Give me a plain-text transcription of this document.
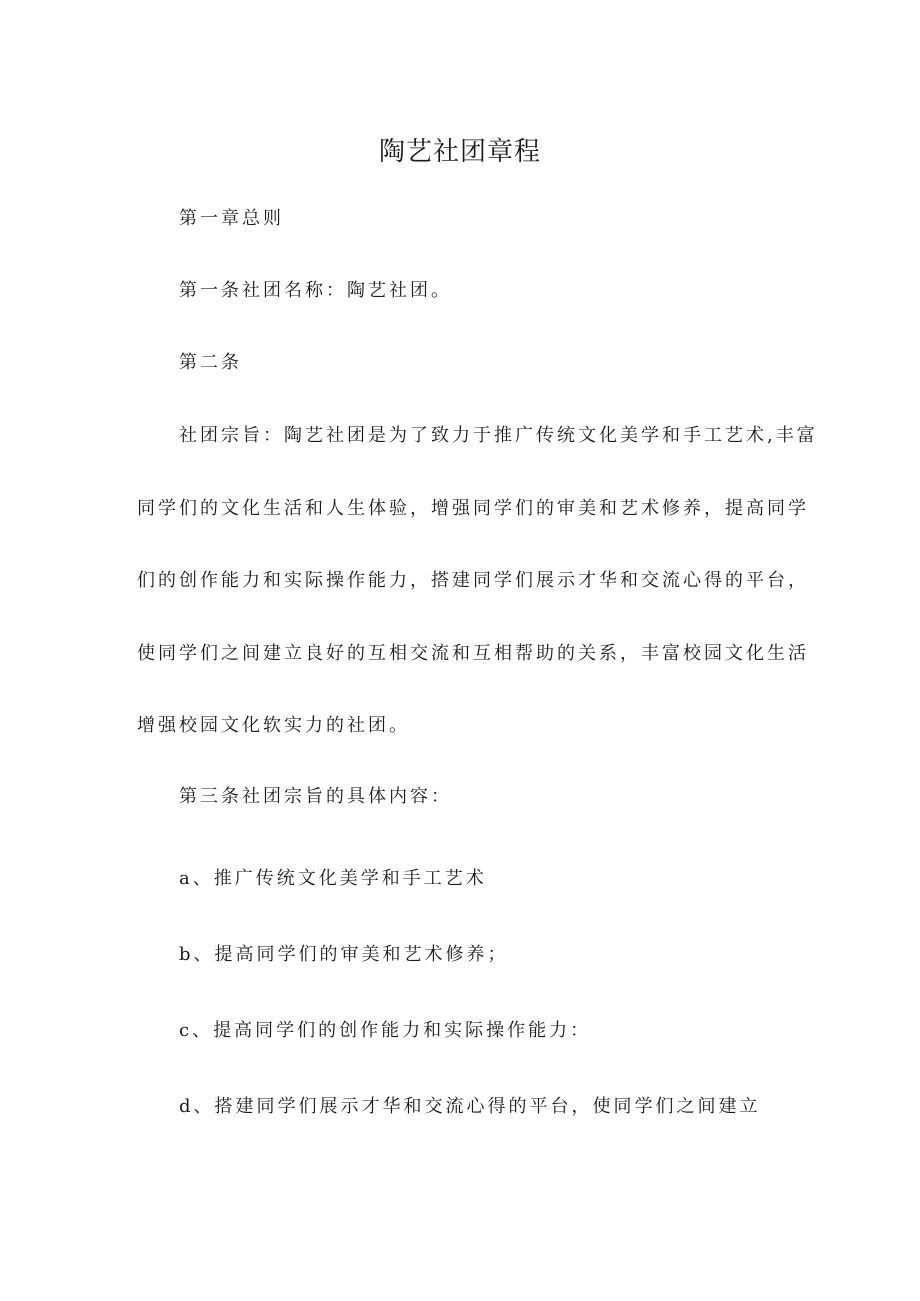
陶艺社团章程

第一章总则

第一条社团名称：陶艺社团。

第二条

社团宗旨：陶艺社团是为了致力于推广传统文化美学和手工艺术,丰富
同学们的文化生活和人生体验，增强同学们的审美和艺术修养，提高同学
们的创作能力和实际操作能力，搭建同学们展示才华和交流心得的平台，
使同学们之间建立良好的互相交流和互相帮助的关系，丰富校园文化生活
增强校园文化软实力的社团。

第三条社团宗旨的具体内容：

a、推广传统文化美学和手工艺术

b、提高同学们的审美和艺术修养；

c、提高同学们的创作能力和实际操作能力：

d、搭建同学们展示才华和交流心得的平台，使同学们之间建立
